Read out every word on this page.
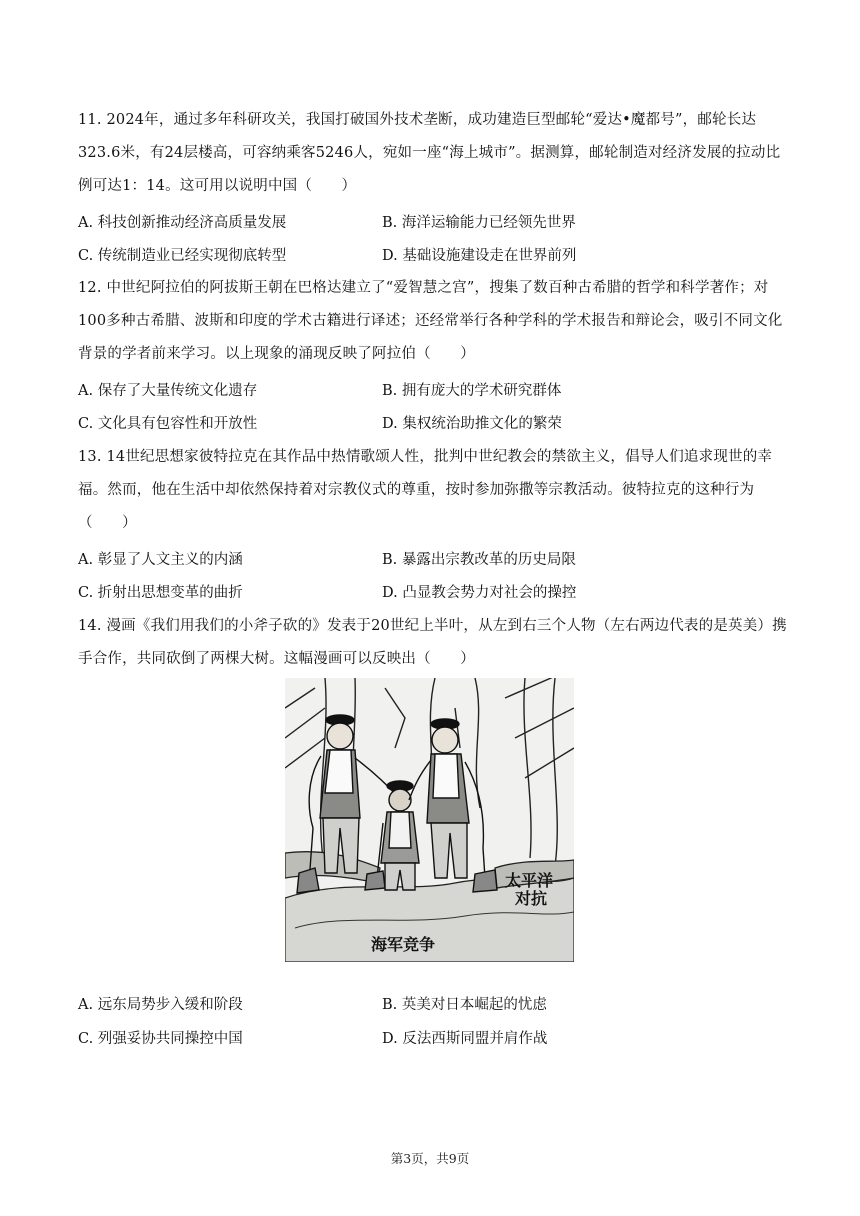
11. 2024年，通过多年科研攻关，我国打破国外技术垄断，成功建造巨型邮轮“爱达•魔都号”，邮轮长达323.6米，有24层楼高，可容纳乘客5246人，宛如一座“海上城市”。据测算，邮轮制造对经济发展的拉动比例可达1：14。这可用以说明中国（　　）
A. 科技创新推动经济高质量发展	B. 海洋运输能力已经领先世界
C. 传统制造业已经实现彻底转型	D. 基础设施建设走在世界前列
12. 中世纪阿拉伯的阿拔斯王朝在巴格达建立了“爱智慧之宫”，搜集了数百种古希腊的哲学和科学著作；对100多种古希腊、波斯和印度的学术古籍进行译述；还经常举行各种学科的学术报告和辩论会，吸引不同文化背景的学者前来学习。以上现象的涌现反映了阿拉伯（　　）
A. 保存了大量传统文化遗存	B. 拥有庞大的学术研究群体
C. 文化具有包容性和开放性	D. 集权统治助推文化的繁荣
13. 14世纪思想家彼特拉克在其作品中热情歌颂人性，批判中世纪教会的禁欲主义，倡导人们追求现世的幸福。然而，他在生活中却依然保持着对宗教仪式的尊重，按时参加弥撒等宗教活动。彼特拉克的这种行为（　　）
A. 彰显了人文主义的内涵	B. 暴露出宗教改革的历史局限
C. 折射出思想变革的曲折	D. 凸显教会势力对社会的操控
14. 漫画《我们用我们的小斧子砍的》发表于20世纪上半叶，从左到右三个人物（左右两边代表的是英美）携手合作，共同砍倒了两棵大树。这幅漫画可以反映出（　　）
太平洋
对抗
海军竞争
A. 远东局势步入缓和阶段	B. 英美对日本崛起的忧虑
C. 列强妥协共同操控中国	D. 反法西斯同盟并肩作战
第3页，共9页
